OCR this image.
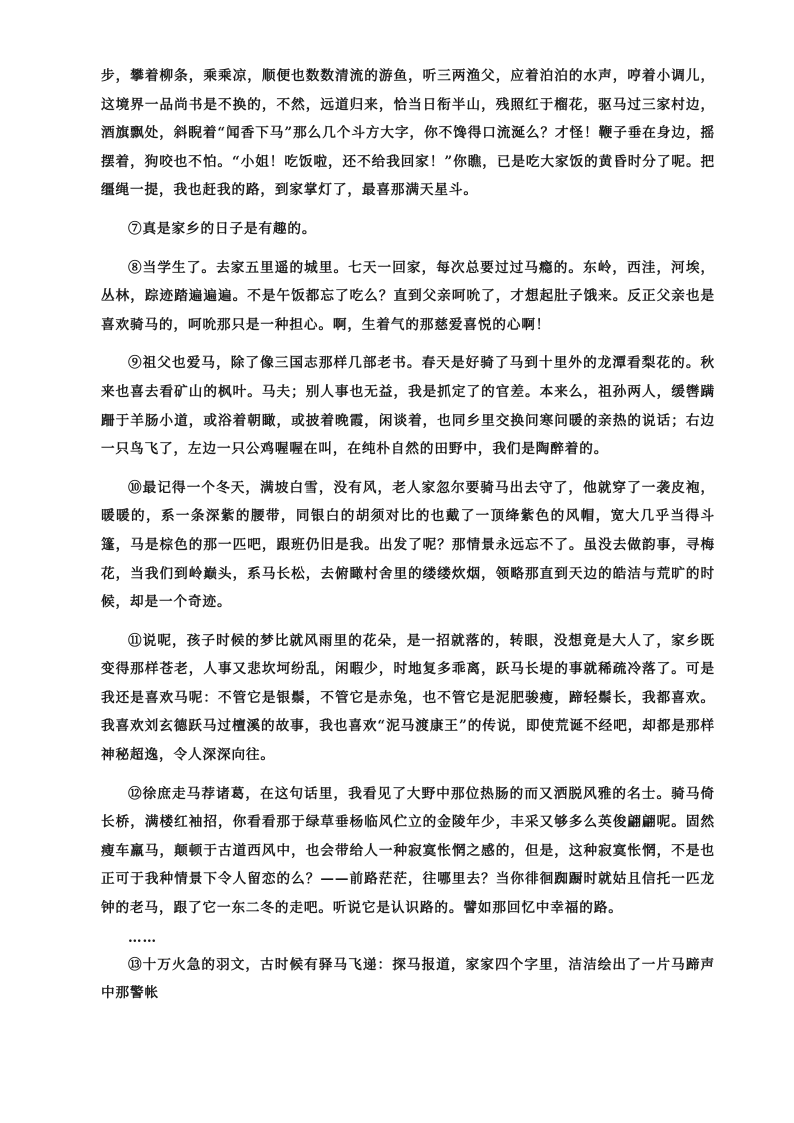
步，攀着柳条，乘乘凉，顺便也数数清流的游鱼，听三两渔父，应着泊泊的水声，哼着小调儿，这境界一品尚书是不换的，不然，远道归来，恰当日衔半山，残照红于榴花，驱马过三家村边，酒旗飘处，斜睨着“闻香下马”那么几个斗方大字，你不馋得口流涎么？才怪！鞭子垂在身边，摇摆着，狗咬也不怕。“小姐！吃饭啦，还不给我回家！”你瞧，已是吃大家饭的黄昏时分了呢。把缰绳一提，我也赶我的路，到家掌灯了，最喜那满天星斗。

⑦真是家乡的日子是有趣的。

⑧当学生了。去家五里遥的城里。七天一回家，每次总要过过马瘾的。东岭，西洼，河埃，丛林，踪迹踏遍遍遍。不是午饭都忘了吃么？直到父亲呵吮了，才想起肚子饿来。反正父亲也是喜欢骑马的，呵吮那只是一种担心。啊，生着气的那慈爱喜悦的心啊！

⑨祖父也爱马，除了像三国志那样几部老书。春天是好骑了马到十里外的龙潭看梨花的。秋来也喜去看矿山的枫叶。马夫；别人事也无益，我是抓定了的官差。本来么，祖孙两人，缓辔蹒跚于羊肠小道，或浴着朝瞰，或披着晚霞，闲谈着，也同乡里交换问寒问暖的亲热的说话；右边一只鸟飞了，左边一只公鸡喔喔在叫，在纯朴自然的田野中，我们是陶醉着的。

⑩最记得一个冬天，满坡白雪，没有风，老人家忽尔要骑马出去守了，他就穿了一袭皮袍，暖暖的，系一条深紫的腰带，同银白的胡须对比的也戴了一顶绛紫色的风帽，宽大几乎当得斗篷，马是棕色的那一匹吧，跟班仍旧是我。出发了呢？那情景永远忘不了。虽没去做韵事，寻梅花，当我们到岭巅头，系马长松，去俯瞰村舍里的缕缕炊烟，领略那直到天边的皓洁与荒旷的时候，却是一个奇迹。

⑪说呢，孩子时候的梦比就风雨里的花朵，是一招就落的，转眼，没想竟是大人了，家乡既变得那样苍老，人事又悲坎坷纷乱，闲暇少，时地复多乖离，跃马长堤的事就稀疏冷落了。可是我还是喜欢马呢：不管它是银鬃，不管它是赤兔，也不管它是泥肥骏瘦，蹄轻鬃长，我都喜欢。我喜欢刘玄德跃马过檀溪的故事，我也喜欢“泥马渡康王”的传说，即使荒诞不经吧，却都是那样神秘超逸，令人深深向往。

⑫徐庶走马荐诸葛，在这句话里，我看见了大野中那位热肠的而又洒脱风雅的名士。骑马倚长桥，满楼红袖招，你看看那于绿草垂杨临风伫立的金陵年少，丰采又够多么英俊翩翩呢。固然瘦车羸马，颠顿于古道西风中，也会带给人一种寂寞怅惘之感的，但是，这种寂寞怅惘，不是也正可于我种情景下令人留恋的么？——前路茫茫，往哪里去？当你徘徊踟蹰时就姑且信托一匹龙钟的老马，跟了它一东二冬的走吧。听说它是认识路的。譬如那回忆中幸福的路。

……

⑬十万火急的羽文，古时候有驿马飞递：探马报道，家家四个字里，洁洁绘出了一片马蹄声中那警帐
